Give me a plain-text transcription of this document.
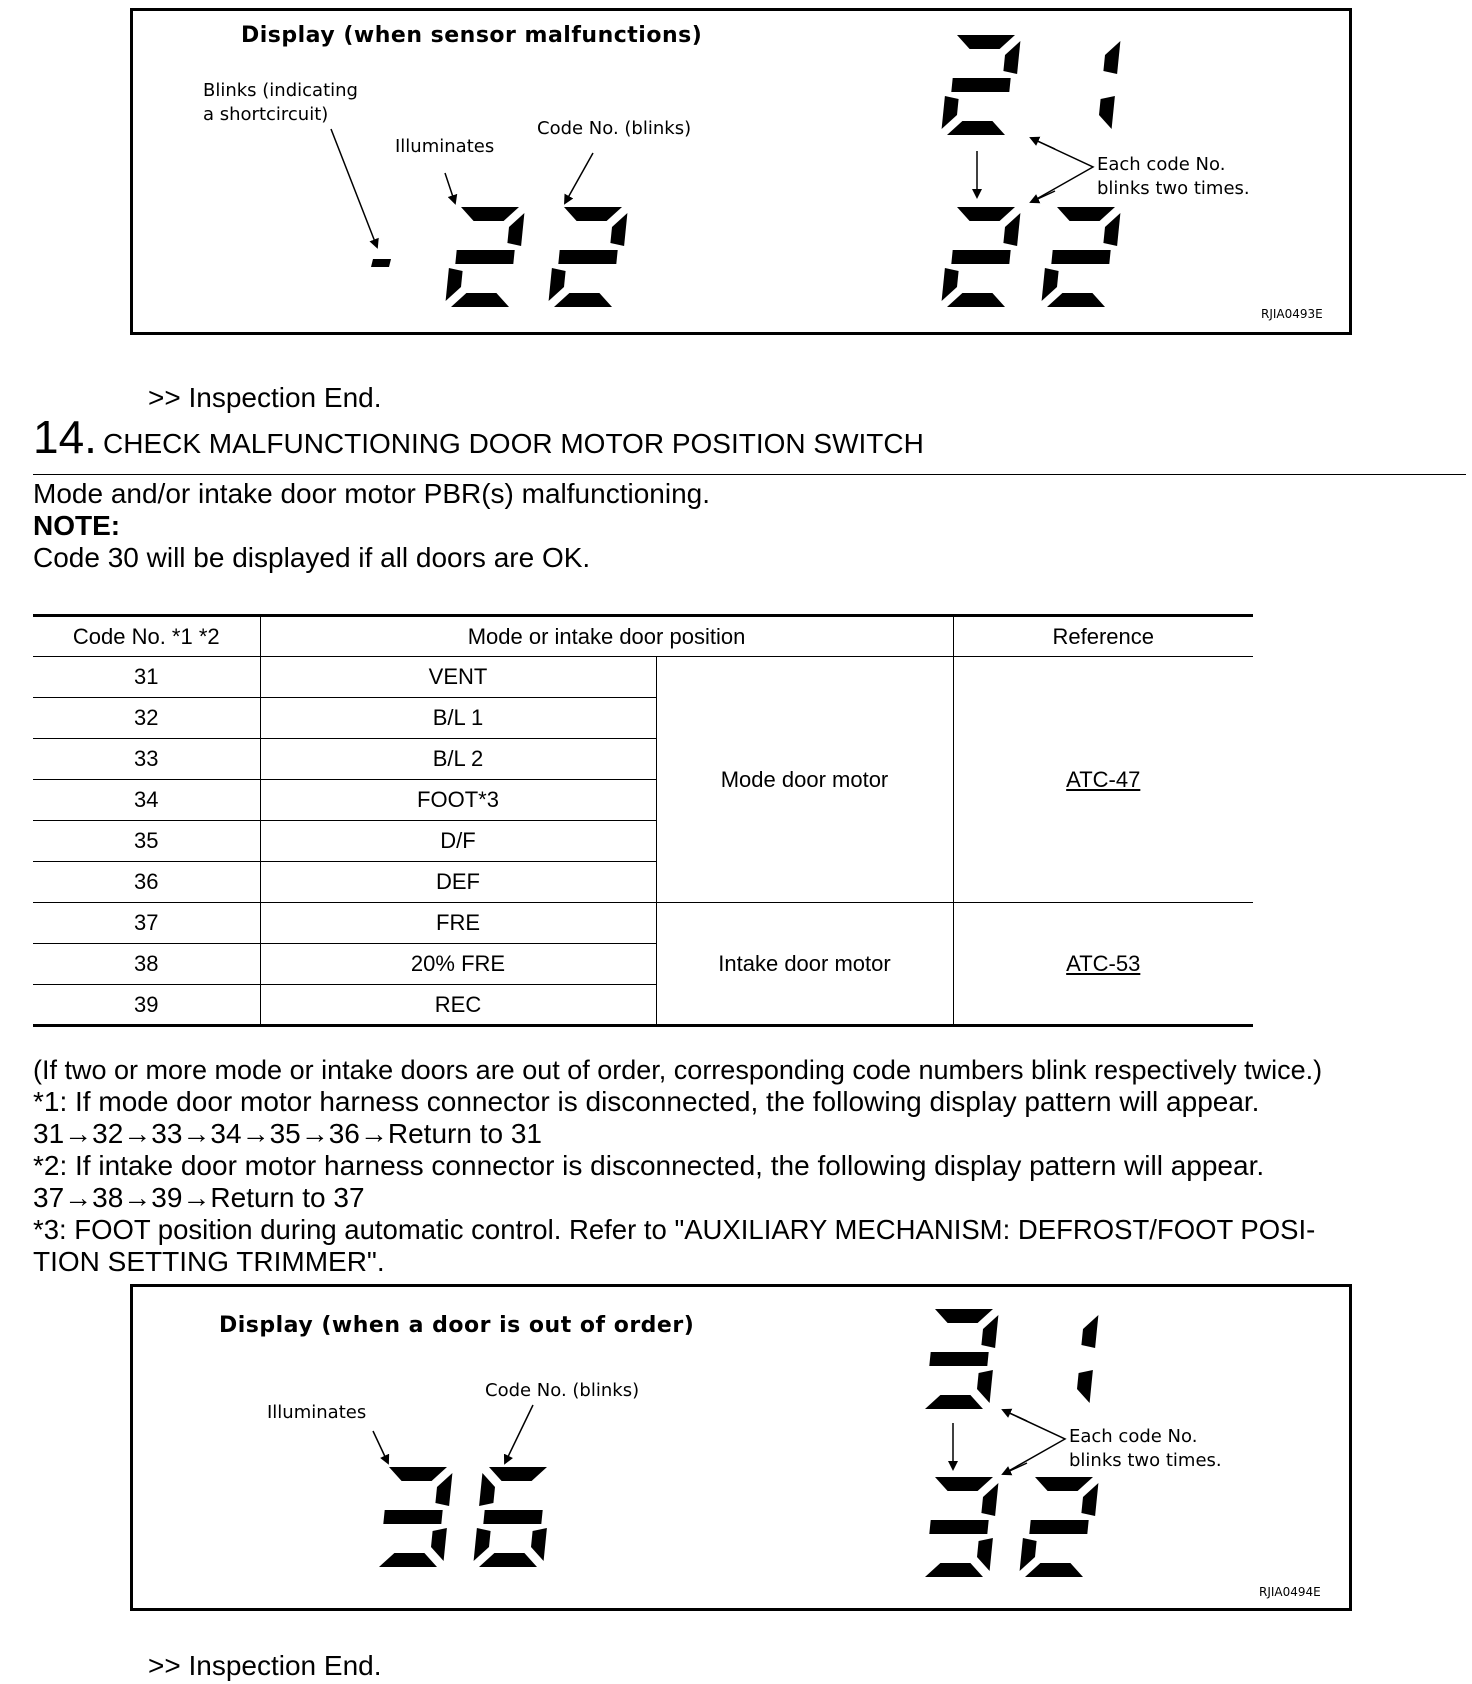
Display (when sensor malfunctions)
Blinks (indicating
a shortcircuit)
Illuminates
Code No. (blinks)
Each code No.
blinks two times.
RJIA0493E
>> Inspection End.
14. CHECK MALFUNCTIONING DOOR MOTOR POSITION SWITCH
Mode and/or intake door motor PBR(s) malfunctioning.
NOTE:
Code 30 will be displayed if all doors are OK.
Code No. *1 *2	Mode or intake door position		Reference
31	VENT	Mode door motor	ATC-47
32	B/L 1		
33	B/L 2		
34	FOOT*3		
35	D/F		
36	DEF		
37	FRE	Intake door motor	ATC-53
38	20% FRE		
39	REC		
(If two or more mode or intake doors are out of order, corresponding code numbers blink respectively twice.)
*1: If mode door motor harness connector is disconnected, the following display pattern will appear.
31→32→33→34→35→36→Return to 31
*2: If intake door motor harness connector is disconnected, the following display pattern will appear.
37→38→39→Return to 37
*3: FOOT position during automatic control. Refer to "AUXILIARY MECHANISM: DEFROST/FOOT POSI-
TION SETTING TRIMMER".
Display (when a door is out of order)
Illuminates
Code No. (blinks)
Each code No.
blinks two times.
RJIA0494E
>> Inspection End.
